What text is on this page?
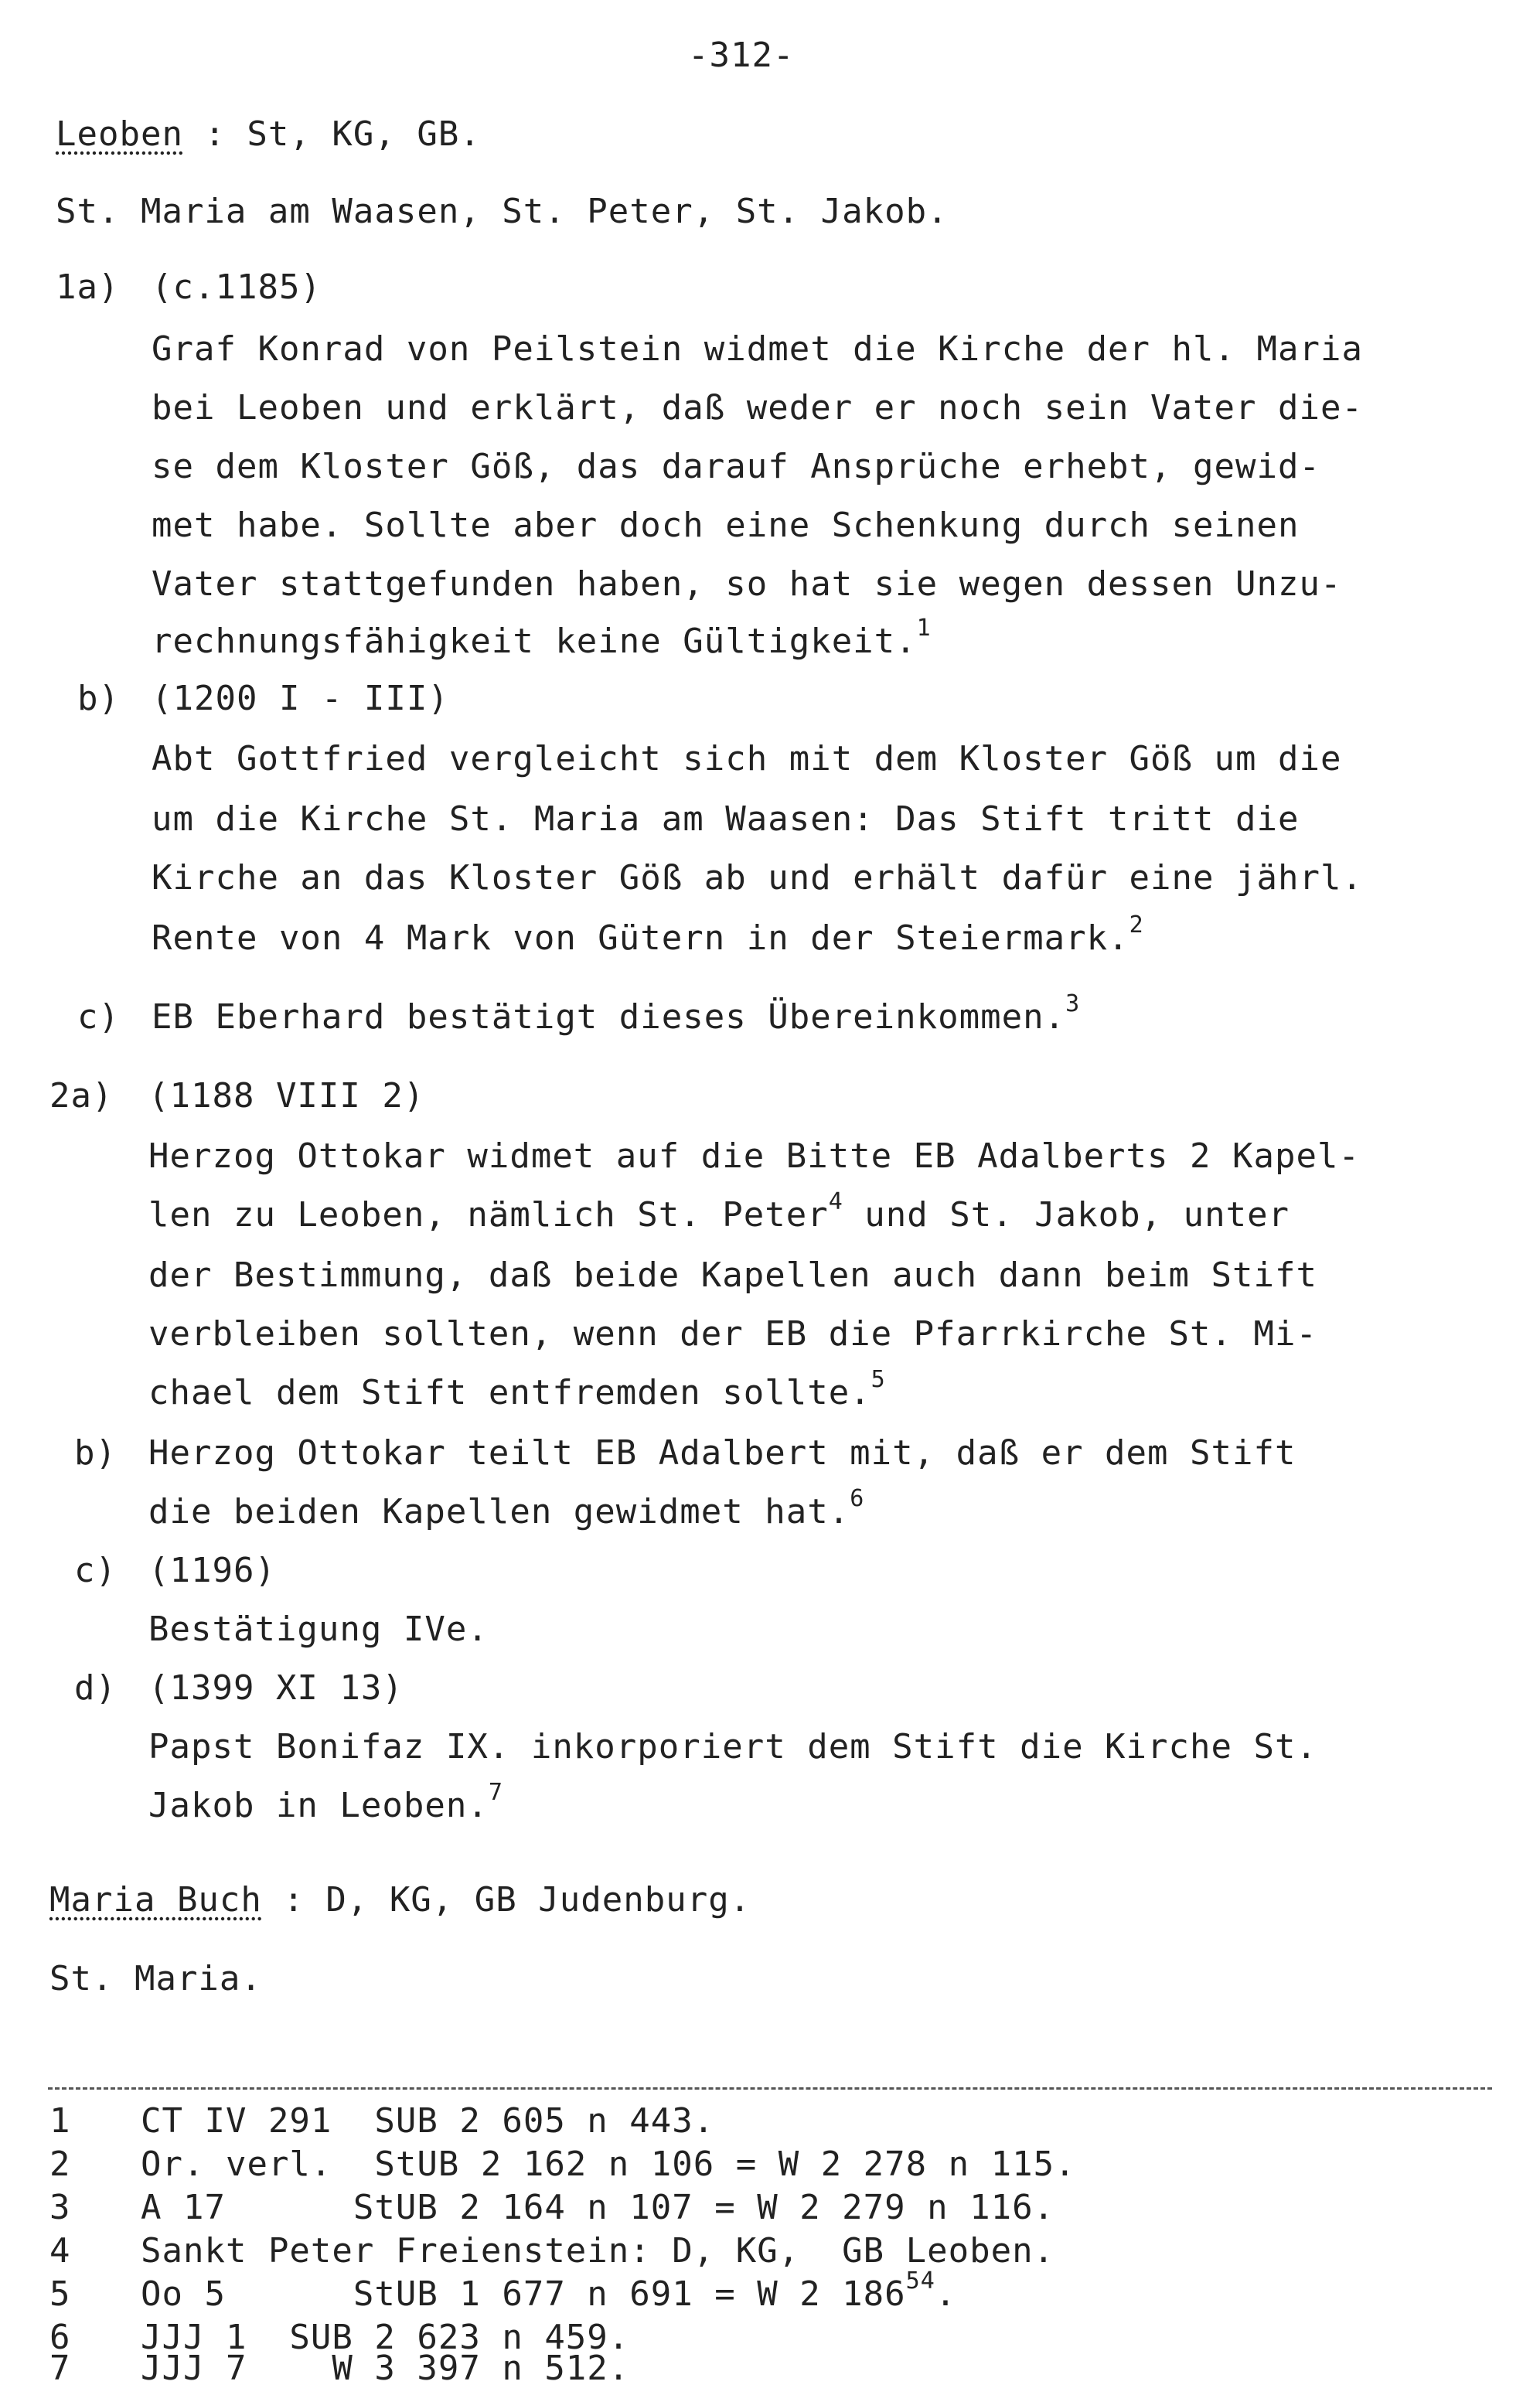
-312-
Leoben : St, KG, GB.
St. Maria am Waasen, St. Peter, St. Jakob.
1a) (c.1185)
Graf Konrad von Peilstein widmet die Kirche der hl. Maria
bei Leoben und erklärt, daß weder er noch sein Vater die-
se dem Kloster Göß, das darauf Ansprüche erhebt, gewid-
met habe. Sollte aber doch eine Schenkung durch seinen
Vater stattgefunden haben, so hat sie wegen dessen Unzu-
rechnungsfähigkeit keine Gültigkeit.$^1$
b) (1200 I - III)
Abt Gottfried vergleicht sich mit dem Kloster Göß um die
um die Kirche St. Maria am Waasen: Das Stift tritt die
Kirche an das Kloster Göß ab und erhält dafür eine jährl.
Rente von 4 Mark von Gütern in der Steiermark.$^2$
c) EB Eberhard bestätigt dieses Übereinkommen.$^3$
2a) (1188 VIII 2)
Herzog Ottokar widmet auf die Bitte EB Adalberts 2 Kapel-
len zu Leoben, nämlich St. Peter$^4$ und St. Jakob, unter
der Bestimmung, daß beide Kapellen auch dann beim Stift
verbleiben sollten, wenn der EB die Pfarrkirche St. Mi-
chael dem Stift entfremden sollte.$^5$
b) Herzog Ottokar teilt EB Adalbert mit, daß er dem Stift
die beiden Kapellen gewidmet hat.$^6$
c) (1196)
Bestätigung IVe.
d) (1399 XI 13)
Papst Bonifaz IX. inkorporiert dem Stift die Kirche St.
Jakob in Leoben.$^7$
Maria Buch : D, KG, GB Judenburg.
St. Maria.
1 CT IV 291  SUB 2 605 n 443.
2 Or. verl.  StUB 2 162 n 106 = W 2 278 n 115.
3 A 17      StUB 2 164 n 107 = W 2 279 n 116.
4 Sankt Peter Freienstein: D, KG,  GB Leoben.
5 Oo 5      StUB 1 677 n 691 = W 2 $186^{54}$.
6 JJJ 1  SUB 2 623 n 459.
7 JJJ 7    W 3 397 n 512.
